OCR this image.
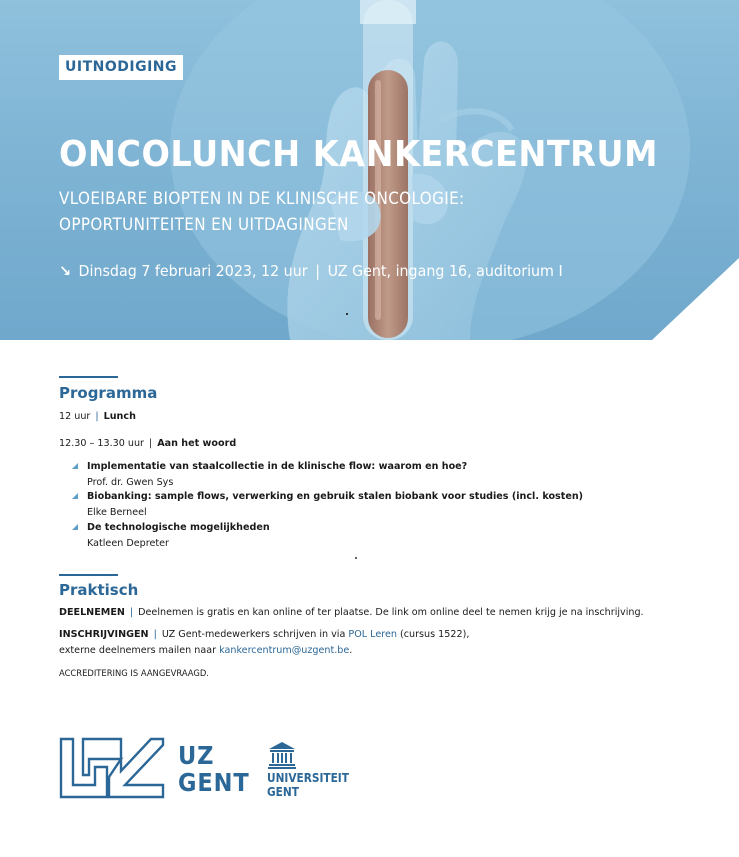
UITNODIGING
ONCOLUNCH KANKERCENTRUM
VLOEIBARE BIOPTEN IN DE KLINISCHE ONCOLOGIE:
OPPORTUNITEITEN EN UITDAGINGEN
↘ Dinsdag 7 februari 2023, 12 uur | UZ Gent, ingang 16, auditorium I
Programma
12 uur | Lunch
12.30 – 13.30 uur | Aan het woord
Implementatie van staalcollectie in de klinische flow: waarom en hoe?
Prof. dr. Gwen Sys
Biobanking: sample flows, verwerking en gebruik stalen biobank voor studies (incl. kosten)
Elke Berneel
De technologische mogelijkheden
Katleen Depreter
Praktisch
DEELNEMEN | Deelnemen is gratis en kan online of ter plaatse. De link om online deel te nemen krijg je na inschrijving.
INSCHRIJVINGEN | UZ Gent-medewerkers schrijven in via POL Leren (cursus 1522),
externe deelnemers mailen naar kankercentrum@uzgent.be.
ACCREDITERING IS AANGEVRAAGD.
UZ
GENT UNIVERSITEIT
GENT
